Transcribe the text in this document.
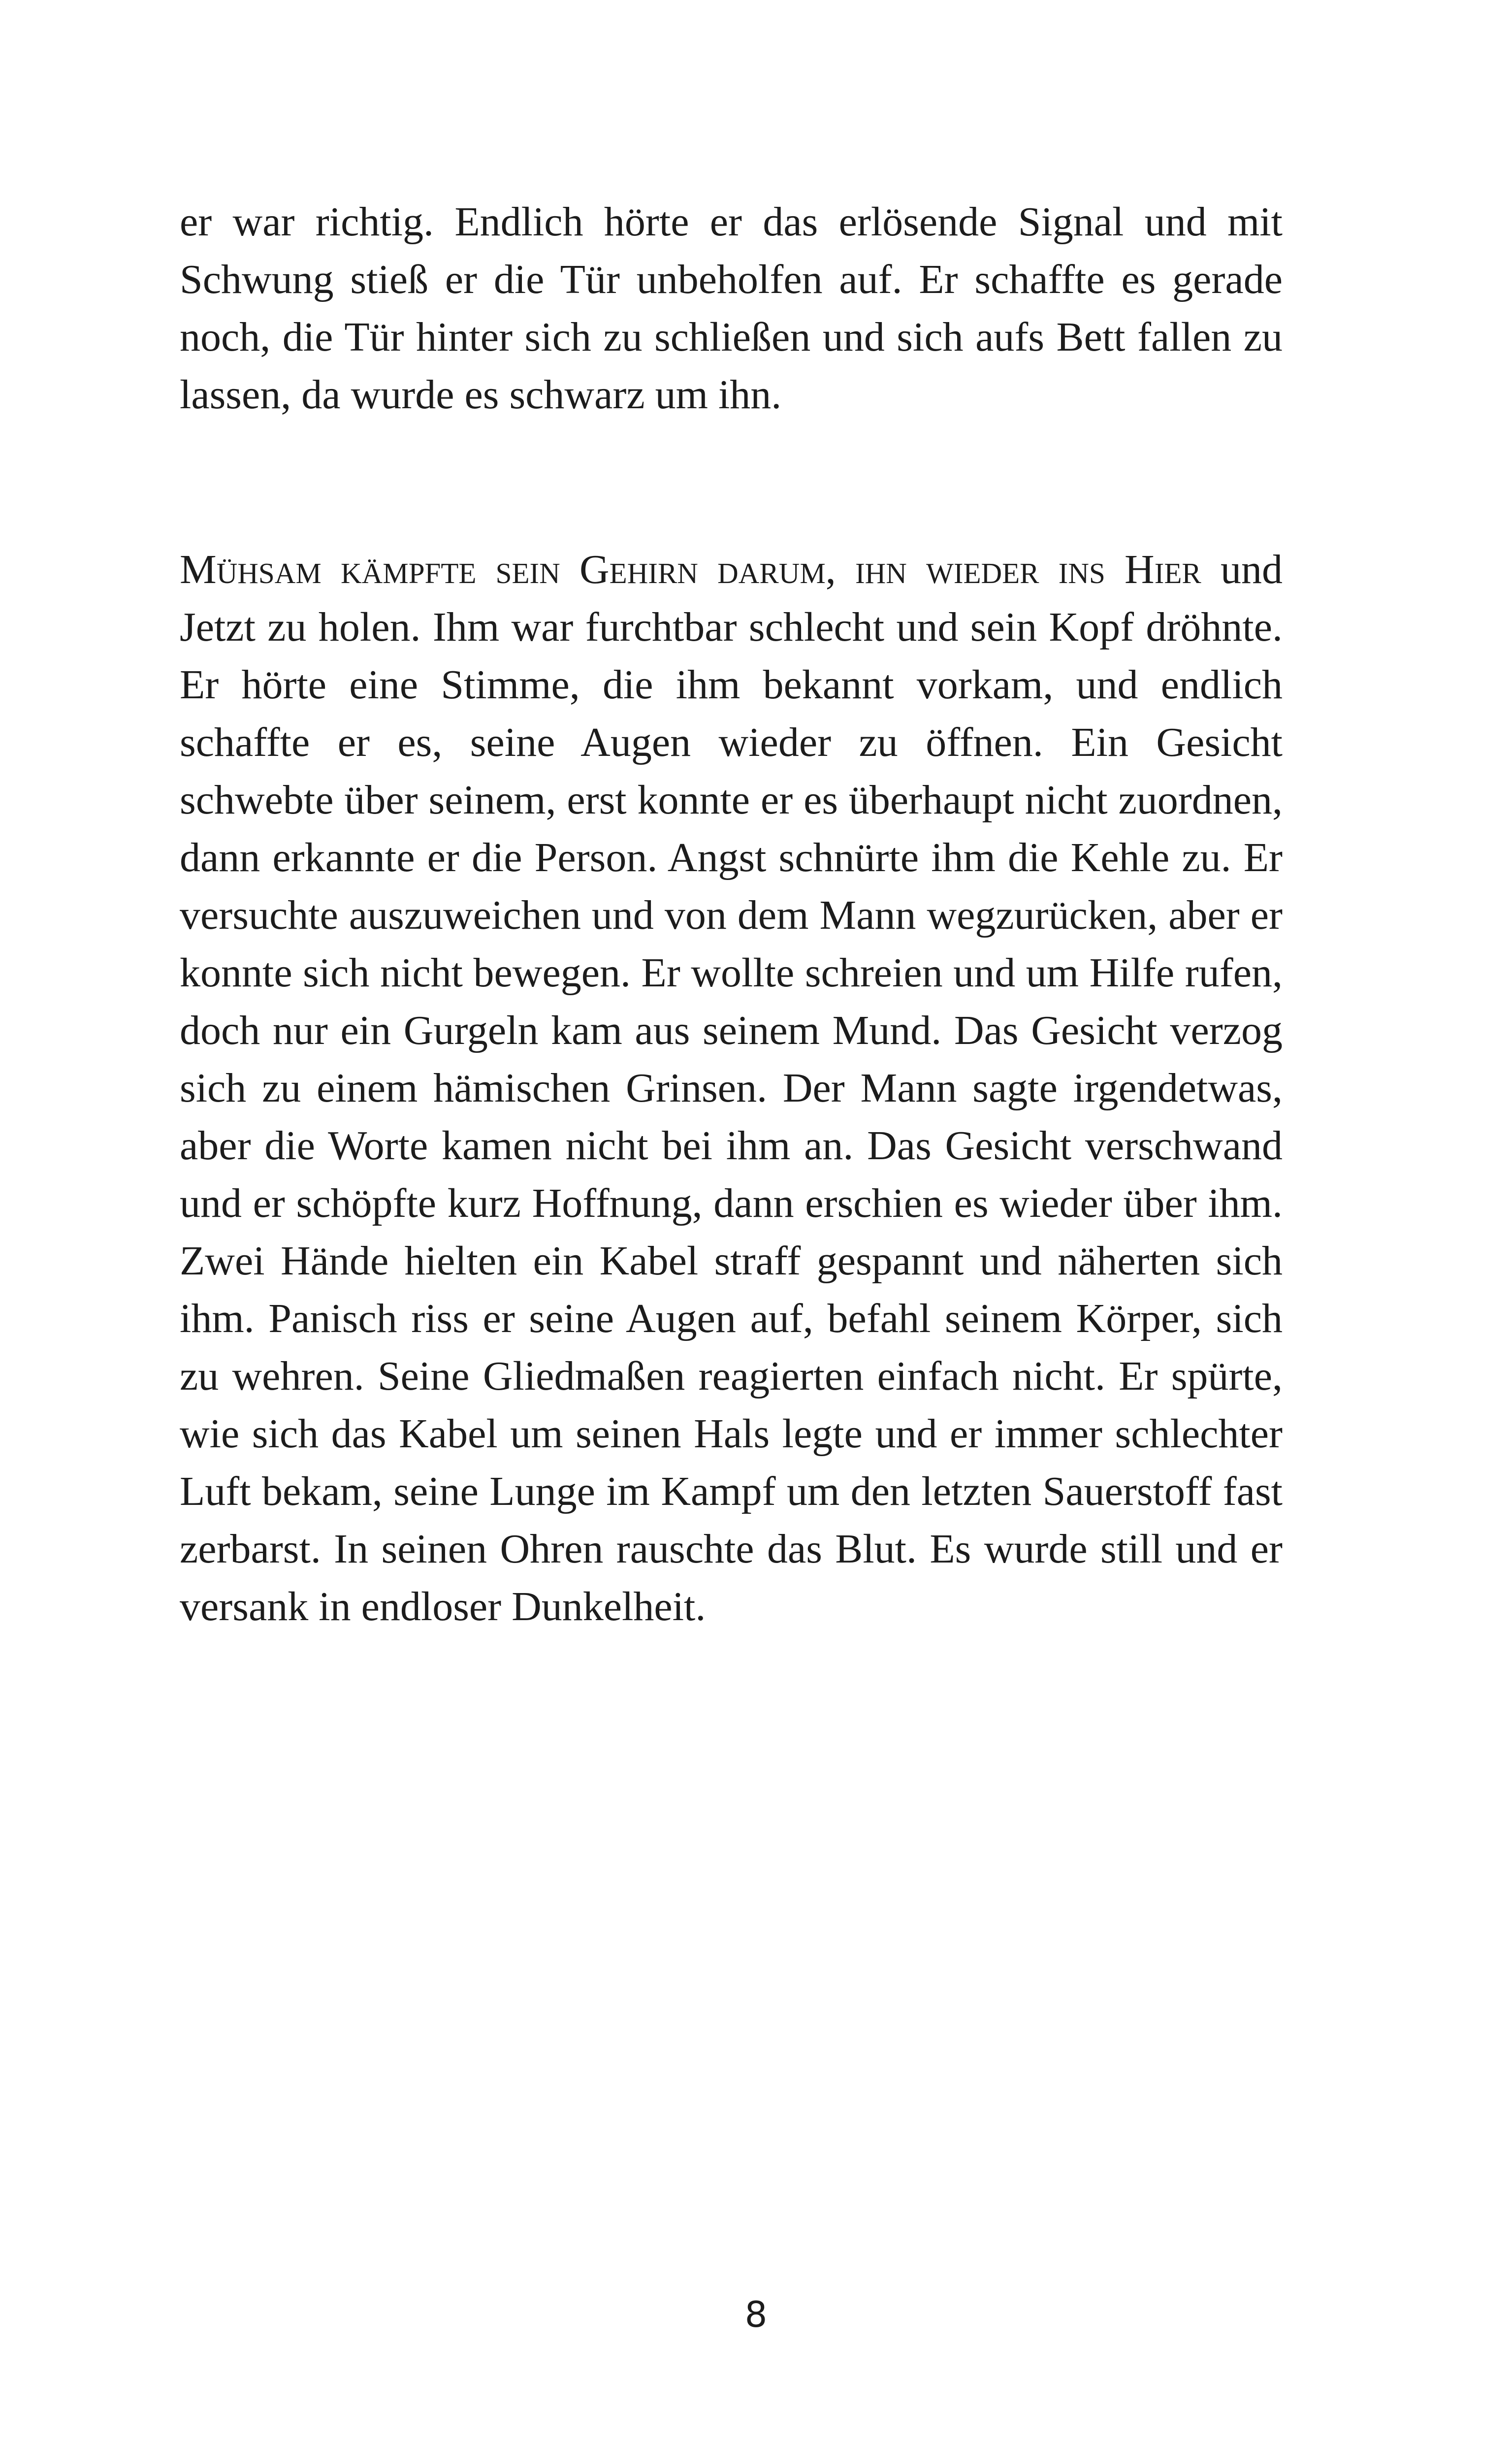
er war richtig. Endlich hörte er das erlösende Signal und mit Schwung stieß er die Tür unbeholfen auf. Er schaffte es gerade noch, die Tür hinter sich zu schließen und sich aufs Bett fallen zu lassen, da wurde es schwarz um ihn.

Mühsam kämpfte sein Gehirn darum, ihn wieder ins Hier und Jetzt zu holen. Ihm war furchtbar schlecht und sein Kopf dröhnte. Er hörte eine Stimme, die ihm bekannt vorkam, und endlich schaffte er es, seine Augen wieder zu öffnen. Ein Gesicht schwebte über seinem, erst konnte er es überhaupt nicht zuordnen, dann erkannte er die Person. Angst schnürte ihm die Kehle zu. Er versuchte auszuweichen und von dem Mann wegzurücken, aber er konnte sich nicht bewegen. Er wollte schreien und um Hilfe rufen, doch nur ein Gurgeln kam aus seinem Mund. Das Gesicht verzog sich zu einem hämischen Grinsen. Der Mann sagte irgendetwas, aber die Worte kamen nicht bei ihm an. Das Gesicht verschwand und er schöpfte kurz Hoffnung, dann erschien es wieder über ihm. Zwei Hände hielten ein Kabel straff gespannt und näherten sich ihm. Panisch riss er seine Augen auf, befahl seinem Körper, sich zu wehren. Seine Gliedmaßen reagierten einfach nicht. Er spürte, wie sich das Kabel um seinen Hals legte und er immer schlechter Luft bekam, seine Lunge im Kampf um den letzten Sauerstoff fast zerbarst. In seinen Ohren rauschte das Blut. Es wurde still und er versank in endloser Dunkelheit.

8
